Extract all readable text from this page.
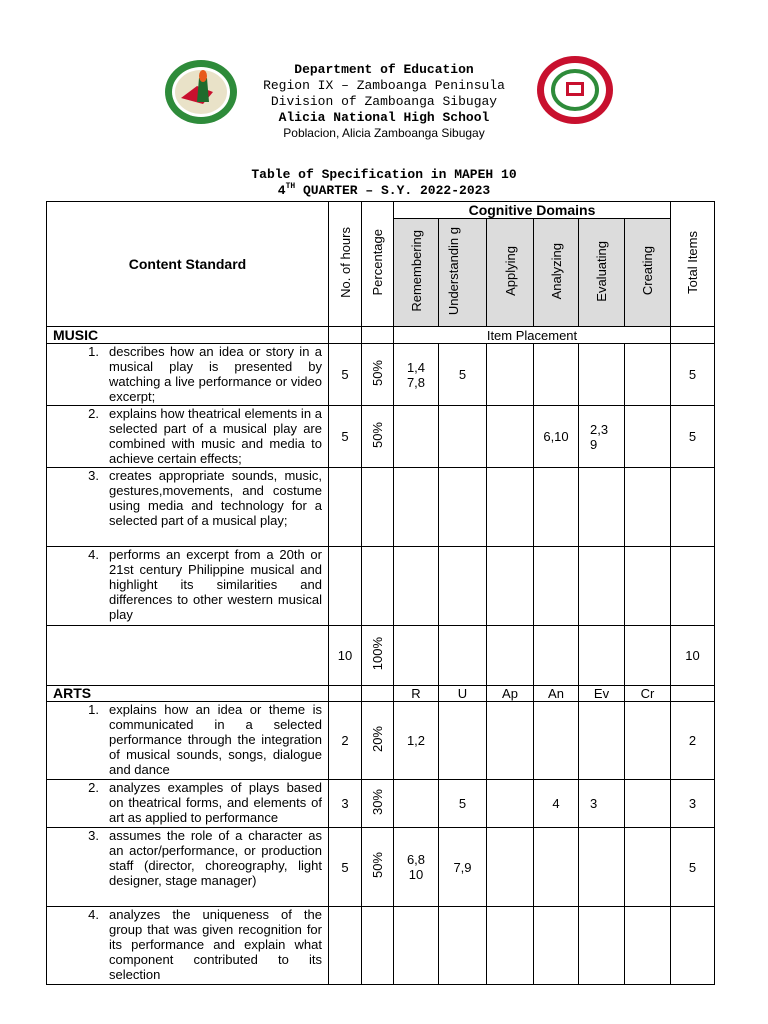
Department of Education
Region IX – Zamboanga Peninsula
Division of Zamboanga Sibugay
Alicia National High School
Poblacion, Alicia Zamboanga Sibugay
Table of Specification in MAPEH 10
4TH QUARTER – S.Y. 2022-2023
Content Standard	No. of hours	Percentage	Cognitive Domains						Total Items
			Remembering	Understandin g	Applying	Analyzing	Evaluating	Creating	
MUSIC			Item Placement						

1. describes how an idea or story in a musical play is presented by watching a live performance or video excerpt;	5	50%	1,4
7,8	5					5

2. explains how theatrical elements in a selected part of a musical play are combined with music and media to achieve certain effects;	5	50%				6,10	2,3
9		5

3. creates appropriate sounds, music, gestures,movements, and costume using media and technology for a selected part of a musical play;									

4. performs an excerpt from a 20th or 21st century Philippine musical and highlight its similarities and differences to other western musical play									

	10	100%							10
ARTS			R	U	Ap	An	Ev	Cr	

1. explains how an idea or theme is communicated in a selected performance through the integration of musical sounds, songs, dialogue and dance	2	20%	1,2						2

2. analyzes examples of plays based on theatrical forms, and elements of art as applied to performance	3	30%		5		4	3		3

3. assumes the role of a character as an actor/performance, or production staff (director, choreography, light designer, stage manager)	5	50%	6,8
10	7,9					5

4. analyzes the uniqueness of the group that was given recognition for its performance and explain what component contributed to its selection									
